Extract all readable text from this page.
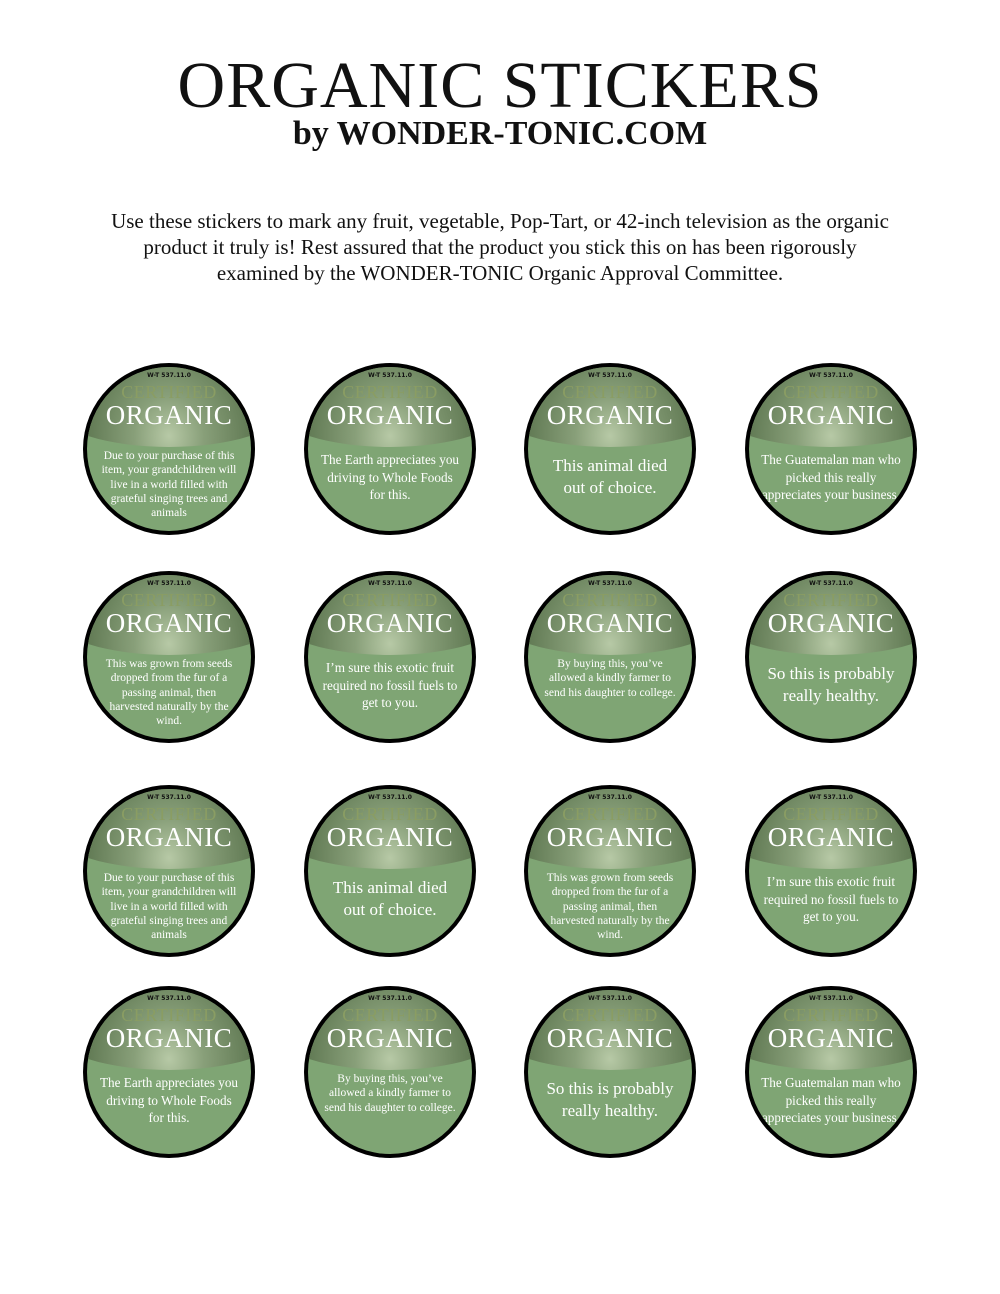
ORGANIC STICKERS
by WONDER-TONIC.COM

Use these stickers to mark any fruit, vegetable, Pop-Tart, or 42-inch television as the organic product it truly is! Rest assured that the product you stick this on has been rigorously examined by the WONDER-TONIC Organic Approval Committee.

W-T 537.11.0
CERTIFIED
ORGANIC
Due to your purchase of this item, your grandchildren will live in a world filled with grateful singing trees and animals
W-T 537.11.0
CERTIFIED
ORGANIC
The Earth appreciates you driving to Whole Foods for this.
W-T 537.11.0
CERTIFIED
ORGANIC
This animal died out of choice.
W-T 537.11.0
CERTIFIED
ORGANIC
The Guatemalan man who picked this really appreciates your business.
W-T 537.11.0
CERTIFIED
ORGANIC
This was grown from seeds dropped from the fur of a passing animal, then harvested naturally by the wind.
W-T 537.11.0
CERTIFIED
ORGANIC
I’m sure this exotic fruit required no fossil fuels to get to you.
W-T 537.11.0
CERTIFIED
ORGANIC
By buying this, you’ve allowed a kindly farmer to send his daughter to college.
W-T 537.11.0
CERTIFIED
ORGANIC
So this is probably really healthy.
W-T 537.11.0
CERTIFIED
ORGANIC
Due to your purchase of this item, your grandchildren will live in a world filled with grateful singing trees and animals
W-T 537.11.0
CERTIFIED
ORGANIC
This animal died out of choice.
W-T 537.11.0
CERTIFIED
ORGANIC
This was grown from seeds dropped from the fur of a passing animal, then harvested naturally by the wind.
W-T 537.11.0
CERTIFIED
ORGANIC
I’m sure this exotic fruit required no fossil fuels to get to you.
W-T 537.11.0
CERTIFIED
ORGANIC
The Earth appreciates you driving to Whole Foods for this.
W-T 537.11.0
CERTIFIED
ORGANIC
By buying this, you’ve allowed a kindly farmer to send his daughter to college.
W-T 537.11.0
CERTIFIED
ORGANIC
So this is probably really healthy.
W-T 537.11.0
CERTIFIED
ORGANIC
The Guatemalan man who picked this really appreciates your business.
